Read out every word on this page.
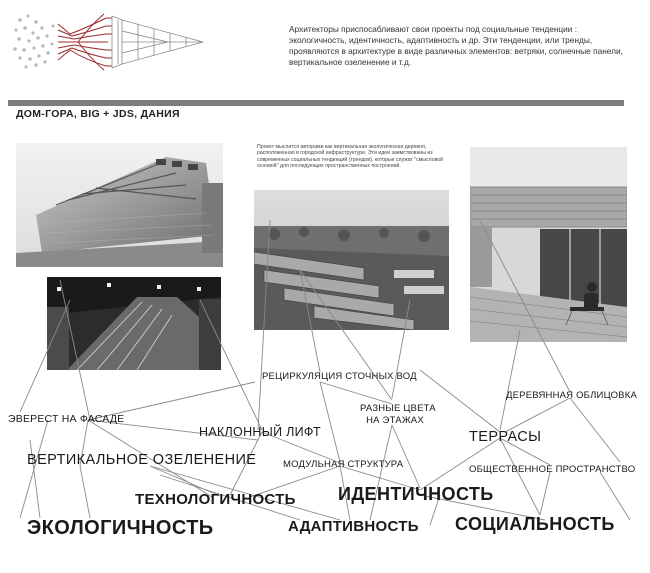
Архитекторы приспосабливают свои проекты под социальные тенденции : экологичность, идентичность, адаптивность и др. Эти тенденции, или тренды, проявляются в архитектуре в виде различных элементов: ветряки, солнечные панели, вертикальное озеленение и т.д.

ДОМ-ГОРА, BIG + JDS, ДАНИЯ

Проект мыслится авторами как вертикальная экологическая деревня, расположенная в городской инфраструктуре. Эти идеи заимствованы из современных социальных тенденций (трендов), которые служат "смысловой основой" для последующих пространственных построений.

РЕЦИРКУЛЯЦИЯ СТОЧНЫХ ВОД
ДЕРЕВЯННАЯ ОБЛИЦОВКА
ЭВЕРЕСТ НА ФАСАДЕ
РАЗНЫЕ ЦВЕТА
НА ЭТАЖАХ
НАКЛОННЫЙ ЛИФТ	ТЕРРАСЫ
ВЕРТИКАЛЬНОЕ ОЗЕЛЕНЕНИЕ	МОДУЛЬНАЯ СТРУКТУРА	ОБЩЕСТВЕННОЕ ПРОСТРАНСТВО
ТЕХНОЛОГИЧНОСТЬ ИДЕНТИЧНОСТЬ
ЭКОЛОГИЧНОСТЬ	АДАПТИВНОСТЬ СОЦИАЛЬНОСТЬ
